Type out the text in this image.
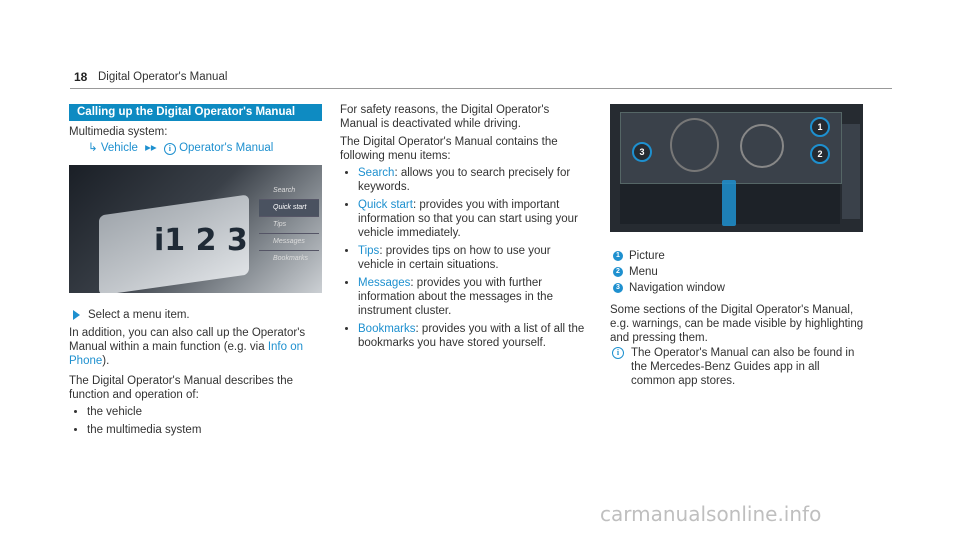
18 Digital Operator's Manual
Calling up the Digital Operator's Manual
Multimedia system:
↳ Vehicle ▸▸ i Operator's Manual
i1 2 3
Search
Quick start
Tips
Messages
Bookmarks
Select a menu item.

In addition, you can also call up the Operator's Manual within a main function (e.g. via Info on Phone).

The Digital Operator's Manual describes the function and operation of:

the vehicle
the multimedia system

For safety reasons, the Digital Operator's Manual is deactivated while driving.

The Digital Operator's Manual contains the following menu items:

Search: allows you to search precisely for keywords.
Quick start: provides you with important information so that you can start using your vehicle immediately.
Tips: provides tips on how to use your vehicle in certain situations.
Messages: provides you with further information about the messages in the instrument cluster.
Bookmarks: provides you with a list of all the bookmarks you have stored yourself.
1
2
3
1 Picture
2 Menu
3 Navigation window

Some sections of the Digital Operator's Manual, e.g. warnings, can be made visible by highlighting and pressing them.

i	The Operator's Manual can also be found in the Mercedes-Benz Guides app in all common app stores.

carmanualsonline.info
